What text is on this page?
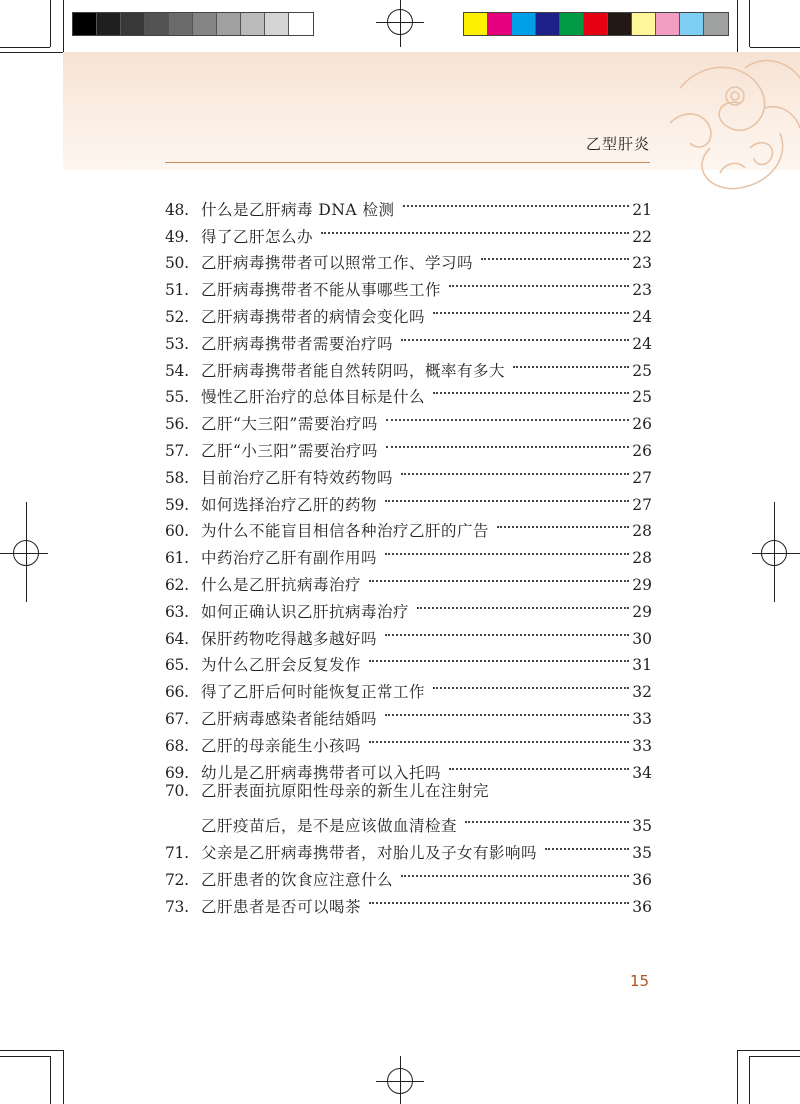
乙型肝炎
48. 什么是乙肝病毒 DNA 检测	21
49. 得了乙肝怎么办	22
50. 乙肝病毒携带者可以照常工作、学习吗	23
51. 乙肝病毒携带者不能从事哪些工作	23
52. 乙肝病毒携带者的病情会变化吗	24
53. 乙肝病毒携带者需要治疗吗	24
54. 乙肝病毒携带者能自然转阴吗，概率有多大	25
55. 慢性乙肝治疗的总体目标是什么	25
56. 乙肝“大三阳”需要治疗吗	26
57. 乙肝“小三阳”需要治疗吗	26
58. 目前治疗乙肝有特效药物吗	27
59. 如何选择治疗乙肝的药物	27
60. 为什么不能盲目相信各种治疗乙肝的广告	28
61. 中药治疗乙肝有副作用吗	28
62. 什么是乙肝抗病毒治疗	29
63. 如何正确认识乙肝抗病毒治疗	29
64. 保肝药物吃得越多越好吗	30
65. 为什么乙肝会反复发作	31
66. 得了乙肝后何时能恢复正常工作	32
67. 乙肝病毒感染者能结婚吗	33
68. 乙肝的母亲能生小孩吗	33
69. 幼儿是乙肝病毒携带者可以入托吗	34
70. 乙肝表面抗原阳性母亲的新生儿在注射完
乙肝疫苗后，是不是应该做血清检查	35
71. 父亲是乙肝病毒携带者，对胎儿及子女有影响吗	35
72. 乙肝患者的饮食应注意什么	36
73. 乙肝患者是否可以喝茶	36
15
